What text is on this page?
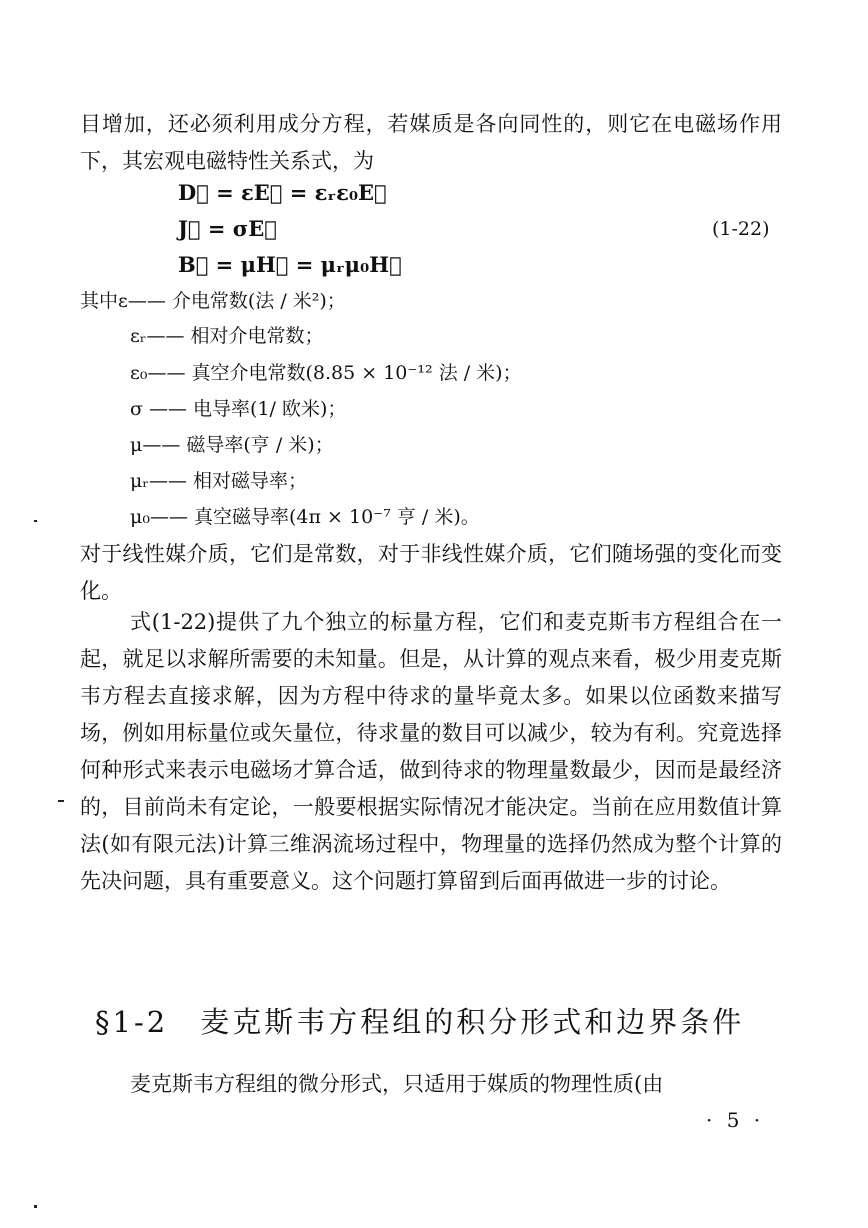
目增加，还必须利用成分方程，若媒质是各向同性的，则它在电磁场作用下，其宏观电磁特性关系式，为

D⃗ = εE⃗ = εᵣε₀E⃗
J⃗ = σE⃗
B⃗ = μH⃗ = μᵣμ₀H⃗
(1-22)
其中ε—— 介电常数(法 / 米²)；
εᵣ—— 相对介电常数；
ε₀—— 真空介电常数(8.85 × 10⁻¹² 法 / 米)；
σ —— 电导率(1/ 欧米)；
μ—— 磁导率(亨 / 米)；
μᵣ—— 相对磁导率；
μ₀—— 真空磁导率(4π × 10⁻⁷ 亨 / 米)。

对于线性媒介质，它们是常数，对于非线性媒介质，它们随场强的变化而变化。

式(1-22)提供了九个独立的标量方程，它们和麦克斯韦方程组合在一起，就足以求解所需要的未知量。但是，从计算的观点来看，极少用麦克斯韦方程去直接求解，因为方程中待求的量毕竟太多。如果以位函数来描写场，例如用标量位或矢量位，待求量的数目可以减少，较为有利。究竟选择何种形式来表示电磁场才算合适，做到待求的物理量数最少，因而是最经济的，目前尚未有定论，一般要根据实际情况才能决定。当前在应用数值计算法(如有限元法)计算三维涡流场过程中，物理量的选择仍然成为整个计算的先决问题，具有重要意义。这个问题打算留到后面再做进一步的讨论。

§1-2　麦克斯韦方程组的积分形式和边界条件

麦克斯韦方程组的微分形式，只适用于媒质的物理性质(由

· 5 ·
